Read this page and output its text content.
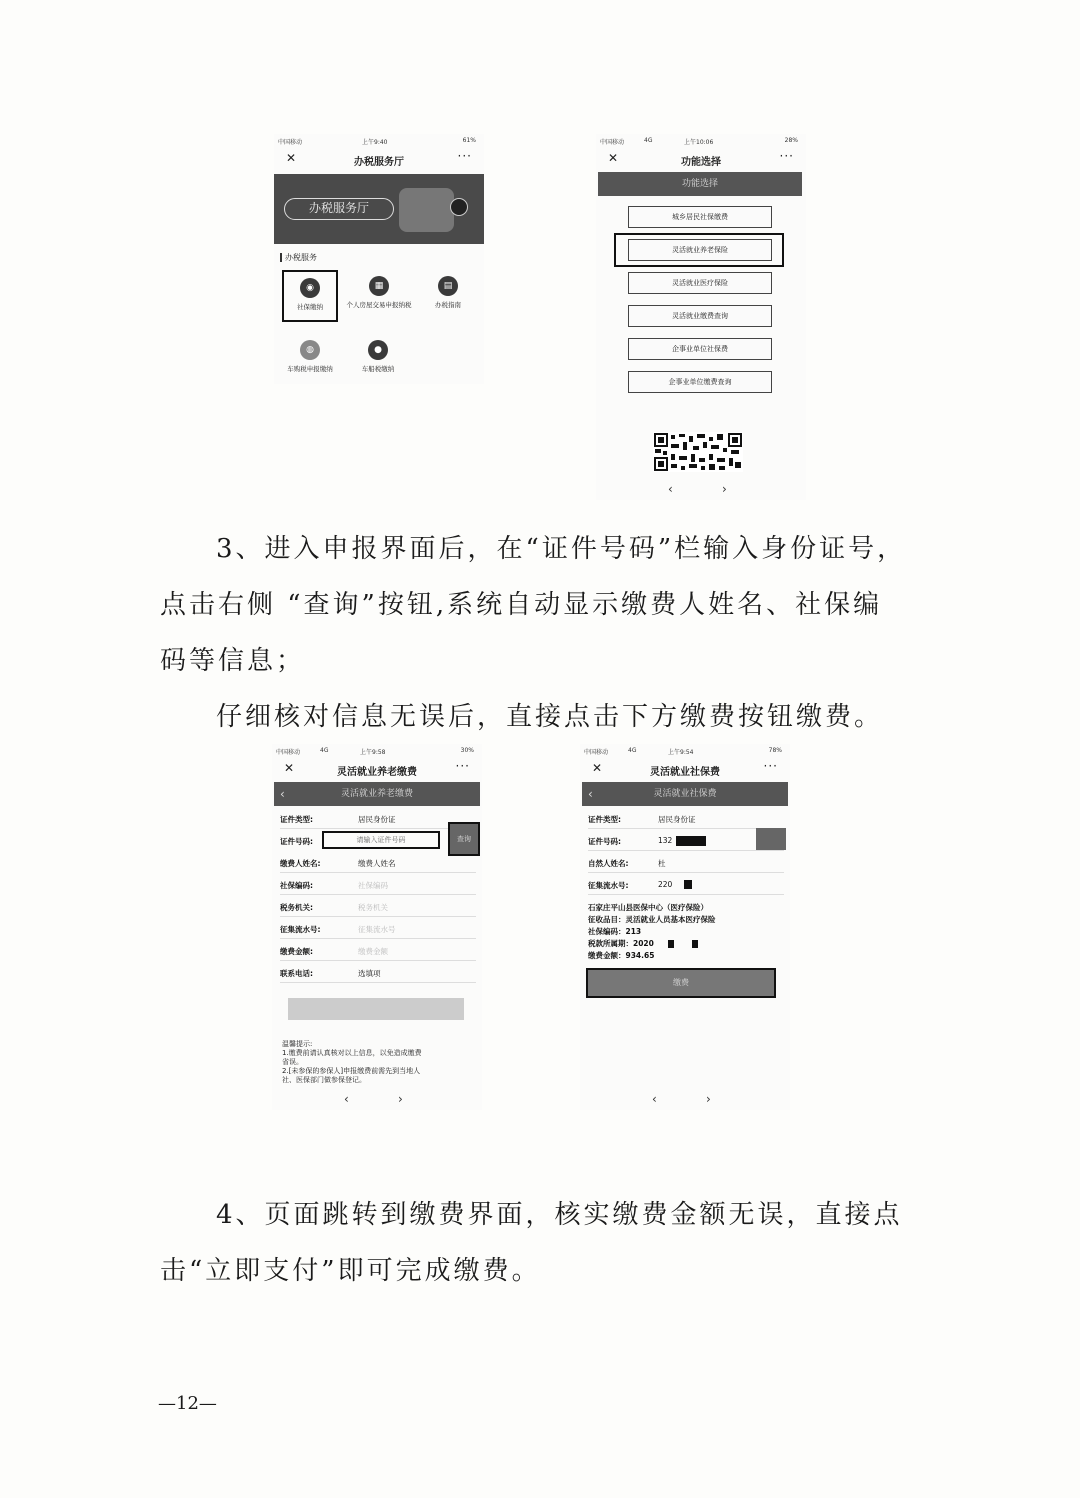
中国移动	上午9:40	61%
✕	办税服务厅	···
办税服务厅
办税服务
◉
社保缴纳
▦
个人房屋交易申报纳税
▤
办税指南
◍
车购税申报缴纳
●
车船税缴纳
中国移动	4G	上午10:06	28%
✕	功能选择	···
功能选择
城乡居民社保缴费
灵活就业养老保险
灵活就业医疗保险
灵活就业缴费查询
企事业单位社保费
企事业单位缴费查询
‹	›
3、进入申报界面后，在“证件号码”栏输入身份证号，
点击右侧 “查询”按钮,系统自动显示缴费人姓名、社保编
码等信息；
仔细核对信息无误后，直接点击下方缴费按钮缴费。
中国移动	4G	上午9:58	30%
✕	灵活就业养老缴费	···
‹	灵活就业养老缴费
证件类型:	居民身份证
证件号码:	请输入证件号码	查询
缴费人姓名:	缴费人姓名
社保编码:	社保编码
税务机关:	税务机关
征集流水号:	征集流水号
缴费金额:	缴费金额
联系电话:	选填项
温馨提示:
1.缴费前请认真核对以上信息，以免造成缴费
省误。
2.[未参保的参保人]申报缴费前需先到当地人
社、医保部门做参保登记。
‹	›
中国移动	4G	上午9:54	78%
✕	灵活就业社保费	···
‹	灵活就业社保费
证件类型:	居民身份证
证件号码:	132
自然人姓名:	杜
征集流水号:	220
石家庄平山县医保中心（医疗保险）
征收品目：灵活就业人员基本医疗保险
社保编码：213
税款所属期：2020
缴费金额：934.65
缴费
‹	›
4、页面跳转到缴费界面，核实缴费金额无误，直接点
击“立即支付”即可完成缴费。
—12—
